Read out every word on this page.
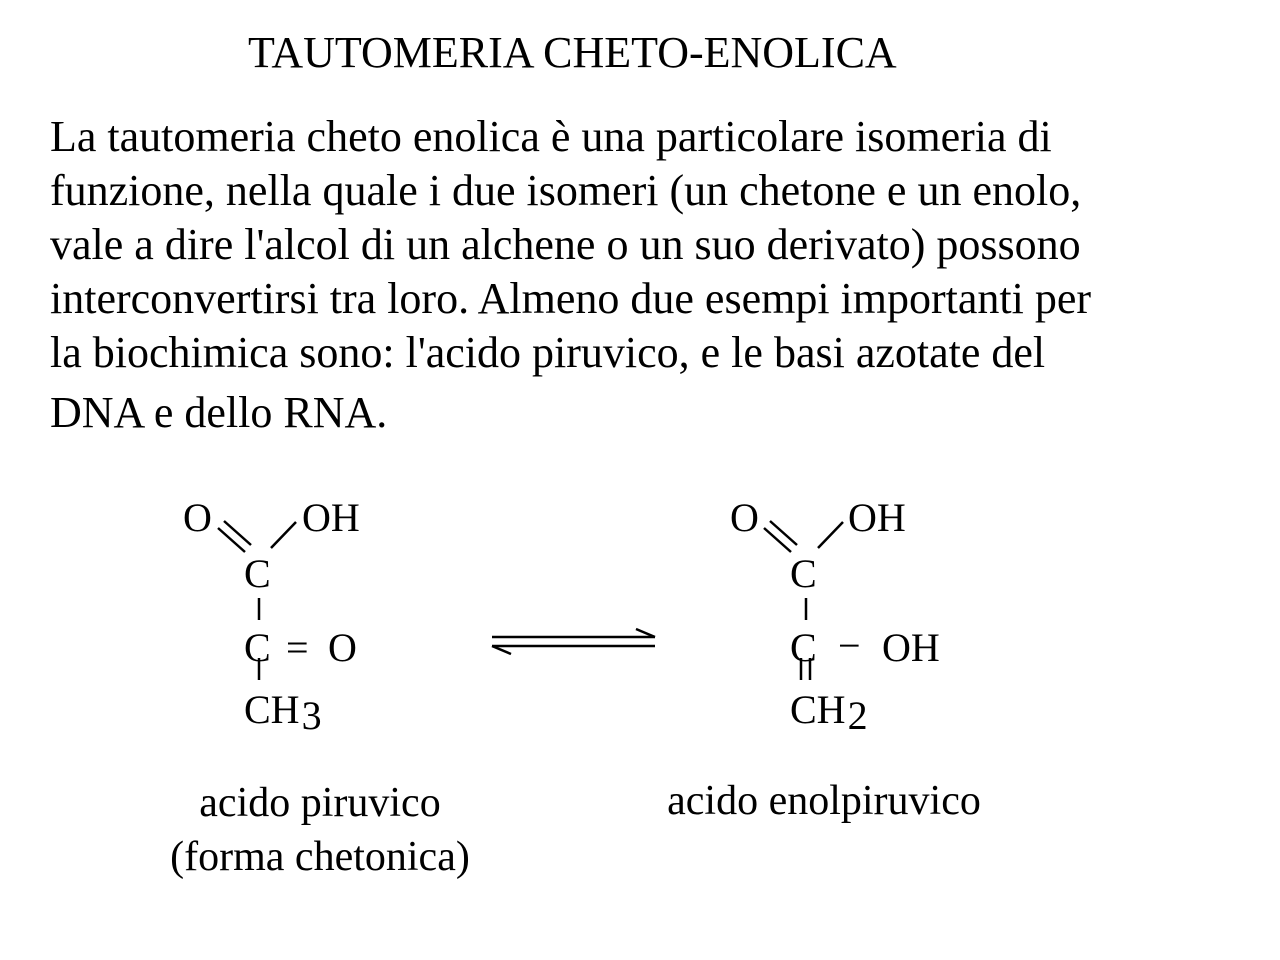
TAUTOMERIA CHETO-ENOLICA
La tautomeria cheto enolica è una particolare isomeria di
funzione, nella quale i due isomeri (un chetone e un enolo,
vale a dire l'alcol di un alchene o un suo derivato) possono
interconvertirsi tra loro. Almeno due esempi importanti per
la biochimica sono: l'acido piruvico, e le basi azotate del
DNA e dello RNA.
O OH
C
C = O
CH3
O OH
C
C − OH
CH2
acido piruvico
(forma chetonica)
acido enolpiruvico
